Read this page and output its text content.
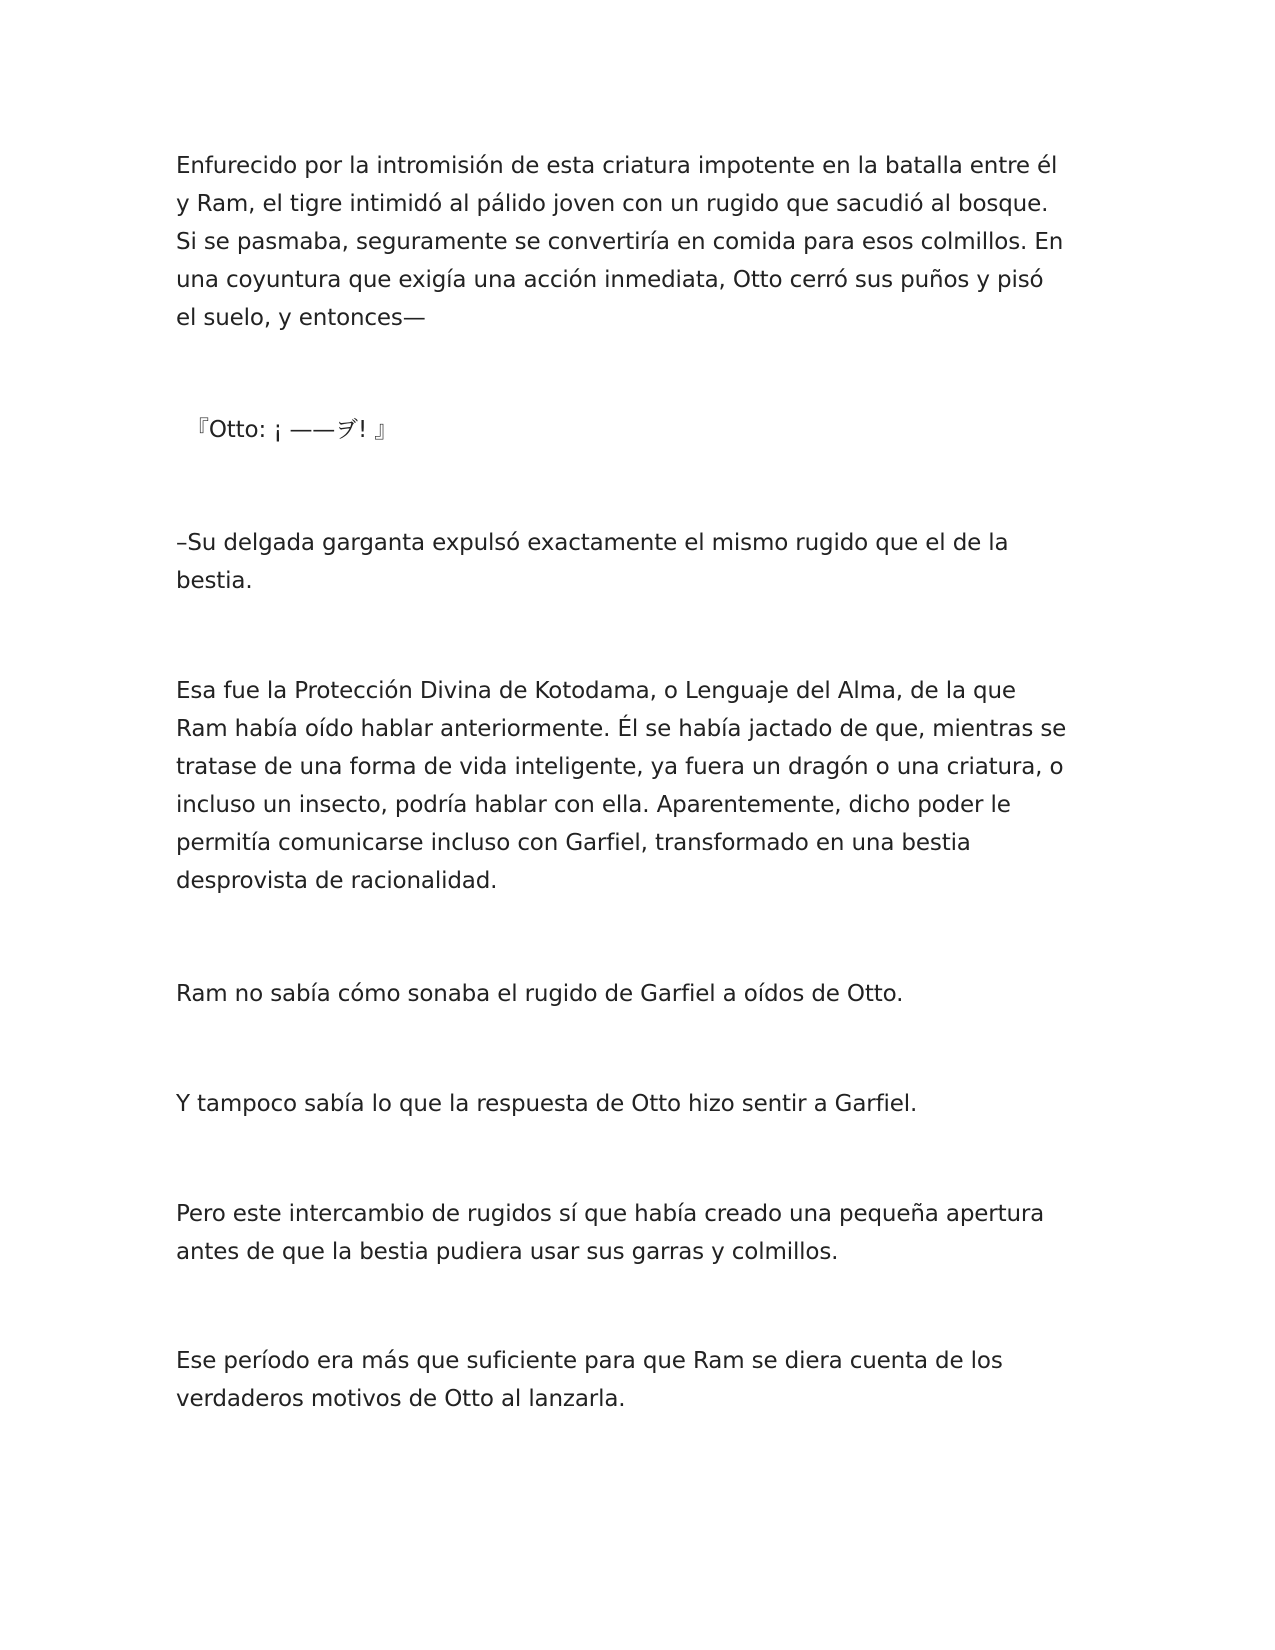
Enfurecido por la intromisión de esta criatura impotente en la batalla entre él
y Ram, el tigre intimidó al pálido joven con un rugido que sacudió al bosque.
Si se pasmaba, seguramente se convertiría en comida para esos colmillos. En
una coyuntura que exigía una acción inmediata, Otto cerró sus puños y pisó
el suelo, y entonces—

『Otto: ¡ ——ヺ! 』

–Su delgada garganta expulsó exactamente el mismo rugido que el de la
bestia.

Esa fue la Protección Divina de Kotodama, o Lenguaje del Alma, de la que
Ram había oído hablar anteriormente. Él se había jactado de que, mientras se
tratase de una forma de vida inteligente, ya fuera un dragón o una criatura, o
incluso un insecto, podría hablar con ella. Aparentemente, dicho poder le
permitía comunicarse incluso con Garfiel, transformado en una bestia
desprovista de racionalidad.

Ram no sabía cómo sonaba el rugido de Garfiel a oídos de Otto.

Y tampoco sabía lo que la respuesta de Otto hizo sentir a Garfiel.

Pero este intercambio de rugidos sí que había creado una pequeña apertura
antes de que la bestia pudiera usar sus garras y colmillos.

Ese período era más que suficiente para que Ram se diera cuenta de los
verdaderos motivos de Otto al lanzarla.
